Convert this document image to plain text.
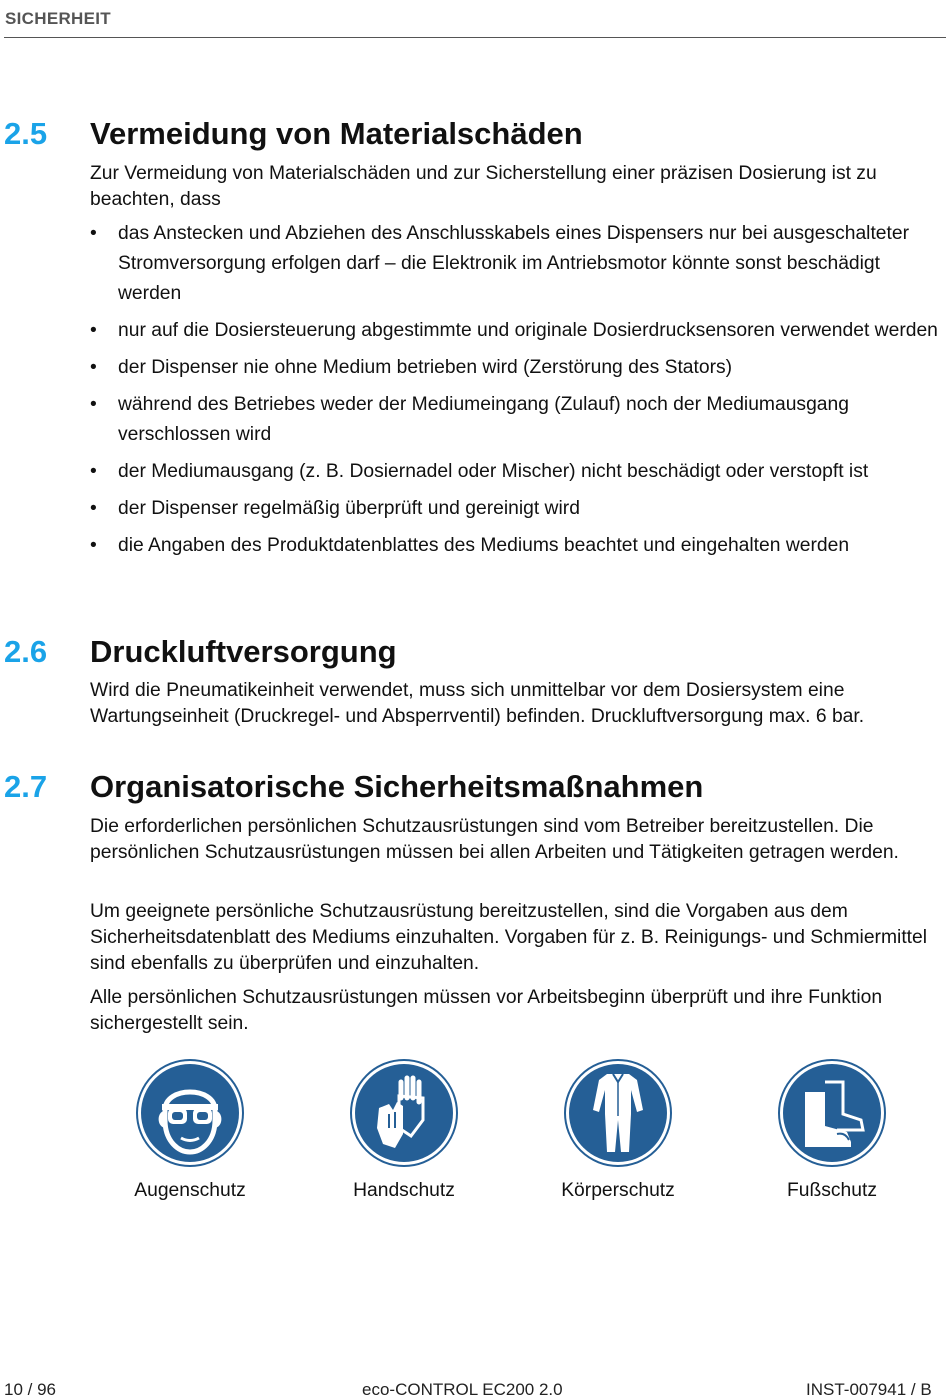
SICHERHEIT
2.5 Vermeidung von Materialschäden
Zur Vermeidung von Materialschäden und zur Sicherstellung einer präzisen Dosierung ist zu beachten, dass
•	das Anstecken und Abziehen des Anschlusskabels eines Dispensers nur bei ausgeschalteter Stromversorgung erfolgen darf – die Elektronik im Antriebsmotor könnte sonst beschädigt werden
•	nur auf die Dosiersteuerung abgestimmte und originale Dosierdrucksensoren verwendet werden
•	der Dispenser nie ohne Medium betrieben wird (Zerstörung des Stators)
•	während des Betriebes weder der Mediumeingang (Zulauf) noch der Mediumausgang verschlossen wird
•	der Mediumausgang (z. B. Dosiernadel oder Mischer) nicht beschädigt oder verstopft ist
•	der Dispenser regelmäßig überprüft und gereinigt wird
•	die Angaben des Produktdatenblattes des Mediums beachtet und eingehalten werden
2.6 Druckluftversorgung
Wird die Pneumatikeinheit verwendet, muss sich unmittelbar vor dem Dosiersystem eine Wartungseinheit (Druckregel- und Absperrventil) befinden. Druckluftversorgung max. 6 bar.
2.7 Organisatorische Sicherheitsmaßnahmen
Die erforderlichen persönlichen Schutzausrüstungen sind vom Betreiber bereitzustellen. Die persönlichen Schutzausrüstungen müssen bei allen Arbeiten und Tätigkeiten getragen werden.
Um geeignete persönliche Schutzausrüstung bereitzustellen, sind die Vorgaben aus dem Sicherheitsdatenblatt des Mediums einzuhalten. Vorgaben für z. B. Reinigungs- und Schmiermittel sind ebenfalls zu überprüfen und einzuhalten.
Alle persönlichen Schutzausrüstungen müssen vor Arbeitsbeginn überprüft und ihre Funktion sichergestellt sein.
Augenschutz	Handschutz	Körperschutz	Fußschutz
10 / 96	eco-CONTROL EC200 2.0	INST-007941 / B
